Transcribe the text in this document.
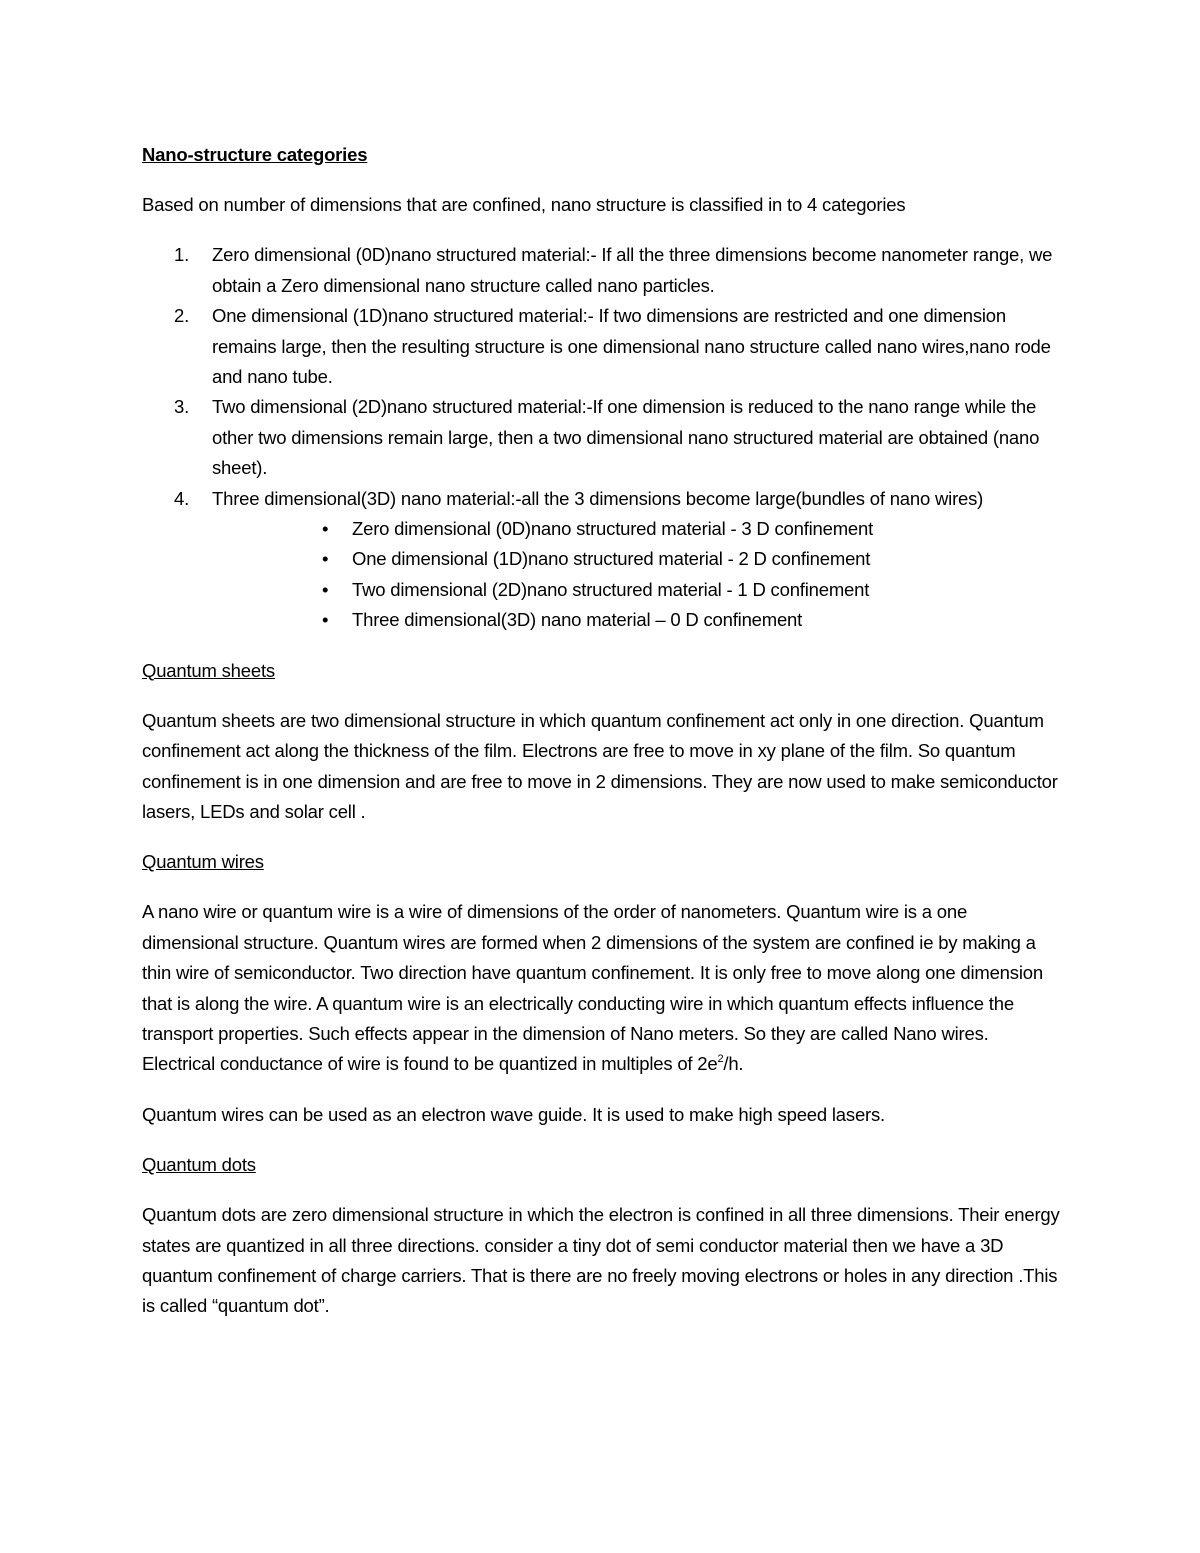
Nano-structure categories
Based on number of dimensions that are confined, nano structure is classified in to 4 categories
1. Zero dimensional (0D)nano structured material:- If all the three dimensions become nanometer range, we obtain a Zero dimensional nano structure called nano particles.
2. One dimensional (1D)nano structured material:- If two dimensions are restricted and one dimension remains large, then the resulting structure is one dimensional nano structure called nano wires,nano rode and nano tube.
3. Two dimensional (2D)nano structured material:-If one dimension is reduced to the nano range while the other two dimensions remain large, then a two dimensional nano structured material are obtained (nano sheet).
4. Three dimensional(3D) nano material:-all the 3 dimensions become large(bundles of nano wires)
• Zero dimensional (0D)nano structured material - 3 D confinement
• One dimensional (1D)nano structured material - 2 D confinement
• Two dimensional (2D)nano structured material - 1 D confinement
• Three dimensional(3D) nano material – 0 D confinement
Quantum sheets
Quantum sheets are two dimensional structure in which quantum confinement act only in one direction. Quantum confinement act along the thickness of the film. Electrons are free to move in xy plane of the film. So quantum confinement is in one dimension and are free to move in 2 dimensions. They are now used to make semiconductor lasers, LEDs and solar cell .
Quantum wires
A nano wire or quantum wire is a wire of dimensions of the order of nanometers. Quantum wire is a one dimensional structure. Quantum wires are formed when 2 dimensions of the system are confined ie by making a thin wire of semiconductor. Two direction have quantum confinement. It is only free to move along one dimension that is along the wire. A quantum wire is an electrically conducting wire in which quantum effects influence the transport properties. Such effects appear in the dimension of Nano meters. So they are called Nano wires. Electrical conductance of wire is found to be quantized in multiples of $2e^2/h$.
Quantum wires can be used as an electron wave guide. It is used to make high speed lasers.
Quantum dots
Quantum dots are zero dimensional structure in which the electron is confined in all three dimensions. Their energy states are quantized in all three directions. consider a tiny dot of semi conductor material then we have a 3D quantum confinement of charge carriers. That is there are no freely moving electrons or holes in any direction .This is called “quantum dot”.
